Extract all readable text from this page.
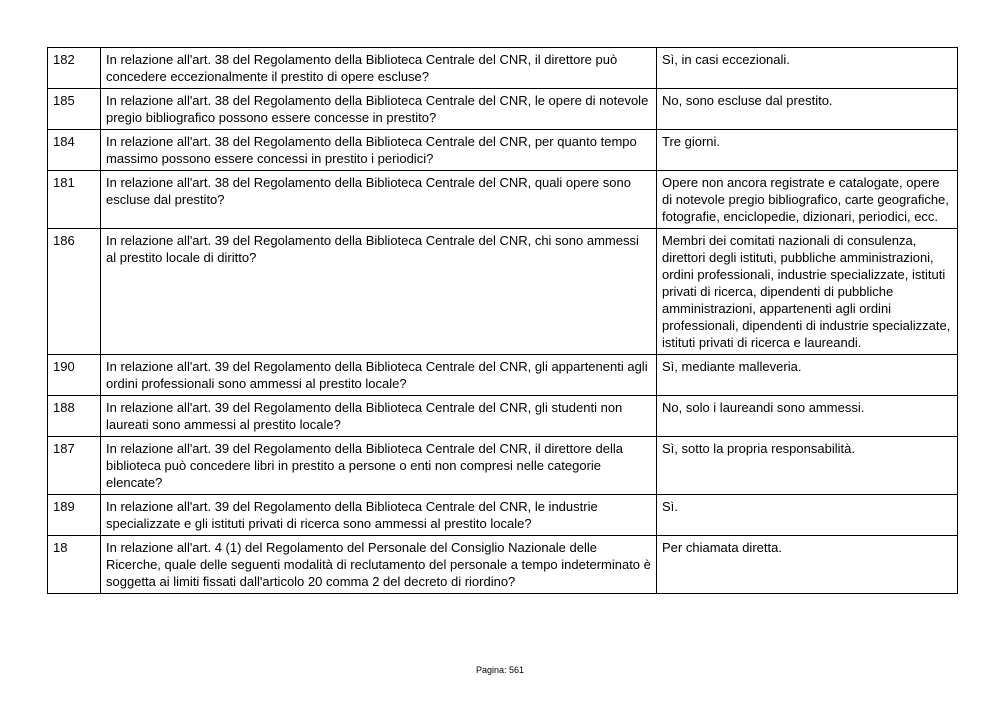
182	In relazione all'art. 38 del Regolamento della Biblioteca Centrale del CNR, il direttore può concedere eccezionalmente il prestito di opere escluse?	Sì, in casi eccezionali.
185	In relazione all'art. 38 del Regolamento della Biblioteca Centrale del CNR, le opere di notevole pregio bibliografico possono essere concesse in prestito?	No, sono escluse dal prestito.
184	In relazione all'art. 38 del Regolamento della Biblioteca Centrale del CNR, per quanto tempo massimo possono essere concessi in prestito i periodici?	Tre giorni.
181	In relazione all'art. 38 del Regolamento della Biblioteca Centrale del CNR, quali opere sono escluse dal prestito?	Opere non ancora registrate e catalogate, opere di notevole pregio bibliografico, carte geografiche, fotografie, enciclopedie, dizionari, periodici, ecc.
186	In relazione all'art. 39 del Regolamento della Biblioteca Centrale del CNR, chi sono ammessi al prestito locale di diritto?	Membri dei comitati nazionali di consulenza, direttori degli istituti, pubbliche amministrazioni, ordini professionali, industrie specializzate, istituti privati di ricerca, dipendenti di pubbliche amministrazioni, appartenenti agli ordini professionali, dipendenti di industrie specializzate, istituti privati di ricerca e laureandi.
190	In relazione all'art. 39 del Regolamento della Biblioteca Centrale del CNR, gli appartenenti agli ordini professionali sono ammessi al prestito locale?	Sì, mediante malleveria.
188	In relazione all'art. 39 del Regolamento della Biblioteca Centrale del CNR, gli studenti non laureati sono ammessi al prestito locale?	No, solo i laureandi sono ammessi.
187	In relazione all'art. 39 del Regolamento della Biblioteca Centrale del CNR, il direttore della biblioteca può concedere libri in prestito a persone o enti non compresi nelle categorie elencate?	Sì, sotto la propria responsabilità.
189	In relazione all'art. 39 del Regolamento della Biblioteca Centrale del CNR, le industrie specializzate e gli istituti privati di ricerca sono ammessi al prestito locale?	Sì.
18	In relazione all'art. 4 (1) del Regolamento del Personale del Consiglio Nazionale delle Ricerche, quale delle seguenti modalità di reclutamento del personale a tempo indeterminato è soggetta ai limiti fissati dall'articolo 20 comma 2 del decreto di riordino?	Per chiamata diretta.
Pagina: 561
